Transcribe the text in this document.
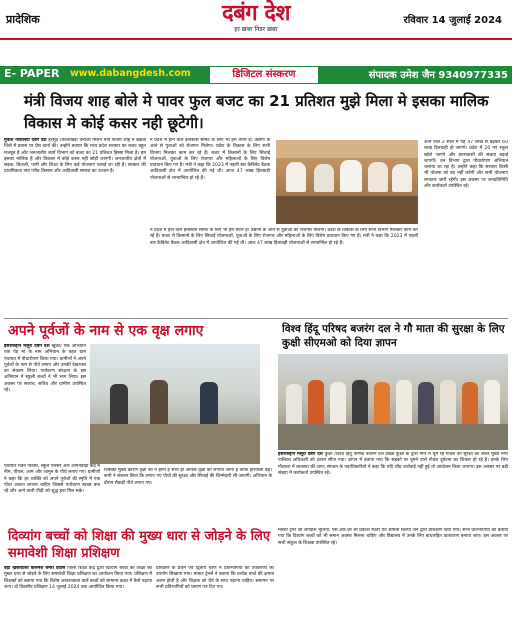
प्रादेशिक	दबंग देश
हर ख़बर निडर ख़बर
रविवार 14 जुलाई 2024
E- PAPER www.dabangdesh.com	डिजिटल संस्करण	संपादक उमेश जैन 9340977335
मंत्री विजय शाह बोले मे पावर फुल बजट का 21 प्रतिशत मुझे मिला मे इसका मालिक विकास मे कोई कसर नही छूटेगी।
मुकेश नावलियाँ दबंग देश हरसूद /कालाखेड़ा वन्यजी मिशन मंत्री विजय शाह ने खंडवा जिले में प्रवास पर प्रेस वार्ता की। उन्होंने बताया कि मध्य प्रदेश सरकार का बजट बहुत मजबूत है और जनजातीय कार्य विभाग को बजट का 21 प्रतिशत हिस्सा मिला है। हम इसका मालिक हैं और विकास में कोई कसर नहीं छोड़ी जाएगी। जनजातीय क्षेत्रों में सड़क, बिजली, पानी और शिक्षा के लिए कई योजनाएं चलाई जा रही हैं। सरकार की प्राथमिकता गांव गरीब किसान और आदिवासी समाज का उत्थान है।
ने प्रदेश में होने वाले इन्वेस्टर्स समिट के लिए भी हम तैयार हैं। उद्योगों के आने से युवाओं को रोजगार मिलेगा। प्रदेश के विकास के लिए सभी विभाग मिलकर काम कर रहे हैं। बजट में किसानों के लिए सिंचाई योजनाओं, युवाओं के लिए रोजगार और महिलाओं के लिए विशेष प्रावधान किए गए हैं। मंत्री ने कहा कि 2023 में पहली बार कैबिनेट बैठक आदिवासी क्षेत्र में आयोजित की गई थी। आज 47 लाख हितग्राही योजनाओं से लाभान्वित हो रहे हैं।
ने प्रदेश में होने वाले इन्वेस्टर्स समिट के लिए भी हम तैयार हैं। उद्योगों के आने से युवाओं को रोजगार मिलेगा। प्रदेश के विकास के लिए सभी विभाग मिलकर काम कर रहे हैं। बजट में किसानों के लिए सिंचाई योजनाओं, युवाओं के लिए रोजगार और महिलाओं के लिए विशेष प्रावधान किए गए हैं। मंत्री ने कहा कि 2023 में पहली बार कैबिनेट बैठक आदिवासी क्षेत्र में आयोजित की गई थी। आज 47 लाख हितग्राही योजनाओं से लाभान्वित हो रहे हैं।
आने वाले 2 साल में यह 47 लाख से बढ़कर 60 लाख हितग्राही हो जाएंगे। प्रदेश में 20 नए स्कूल खोले जाएंगे और छात्रावासों की संख्या बढ़ाई जाएगी। वन विभाग द्वारा पौधारोपण अभियान चलाया जा रहा है। उन्होंने कहा कि सरकार किसी भी योजना को बंद नहीं करेगी और सभी योजनाएं लगातार जारी रहेंगी। इस अवसर पर जनप्रतिनिधि और कार्यकर्ता उपस्थित रहे।
अपने पूर्वजों के नाम से एक वृक्ष लगाए
इसरारुद्दीन मंसूरी दबंग देश खुकी/ एक अभियान एक पेड़ मां के नाम अभियान के तहत ग्राम पंचायत में पौधारोपण किया गया। ग्रामीणों ने अपने पूर्वजों के नाम से पौधे लगाए और उनकी देखभाल का संकल्प लिया। पर्यावरण संरक्षण के इस अभियान में स्कूली बच्चों ने भी भाग लिया। इस अवसर पर सरपंच, सचिव और ग्रामीण उपस्थित रहे।
पंचायत भवन परिसर, स्कूल परिसर और आंगनवाड़ी केंद्र में नीम, पीपल, आम और जामुन के पौधे लगाए गए। ग्रामीणों ने कहा कि हर व्यक्ति को अपने पूर्वजों की स्मृति में एक पौधा अवश्य लगाना चाहिए जिससे पर्यावरण स्वच्छ बना रहे और आने वाली पीढ़ी को शुद्ध हवा मिल सके।
जिसका मुख्य कारण वृक्षों का न होना है साथ ही अधिक वृक्षों को लगाया जाना है ताकि हरियाली बढ़े। सभी ने संकल्प लिया कि लगाए गए पौधों की सुरक्षा और सिंचाई की जिम्मेदारी ली जाएगी। अभियान के दौरान सैकड़ों पौधे लगाए गए।
विश्व हिंदू परिषद बजरंग दल ने गौ माता की सुरक्षा के लिए कुक्षी सीएमओ को दिया ज्ञापन
इसरारुद्दीन मंसूरी दबंग देश कुक्षी /विश्व हिंदू परिषद बजरंग दल प्रखंड कुक्षी के द्वारा नगर में घूम रहे गौवंश की सुरक्षा को लेकर मुख्य नगर पालिका अधिकारी को ज्ञापन सौंपा गया। ज्ञापन में बताया गया कि सड़कों पर घूमने वाले गौवंश दुर्घटना का शिकार हो रहे हैं। इनके लिए गौशाला में व्यवस्था की जाए। संगठन के पदाधिकारियों ने कहा कि यदि शीघ्र कार्रवाई नहीं हुई तो आंदोलन किया जाएगा। इस अवसर पर बड़ी संख्या में कार्यकर्ता उपस्थित रहे।
दिव्यांग बच्चों को शिक्षा की मुख्य धारा से जोड़ने के लिए समावेशी शिक्षा प्रशिक्षण
बड़ी खबरवाला कलमेश बमरा देवास जिला शिक्षा केंद्र द्वारा दिव्यांग बच्चों को शिक्षा की मुख्य धारा से जोड़ने के लिए समावेशी शिक्षा प्रशिक्षण का आयोजन किया गया। प्रशिक्षण में शिक्षकों को बताया गया कि विशेष आवश्यकता वाले बच्चों को सामान्य कक्षा में कैसे पढ़ाया जाए। दो दिवसीय प्रशिक्षण 14 जुलाई 2024 तक आयोजित किया गया।
प्रशिक्षण के प्रथम एवं द्वितीय चरण में प्रतिभागियों को उपकरणों का उपयोग सिखाया गया। मास्टर ट्रेनर्स ने बताया कि प्रत्येक बच्चे की क्षमता अलग होती है और शिक्षक को धैर्य के साथ पढ़ाना चाहिए। समापन पर सभी प्रतिभागियों को प्रमाण पत्र दिए गए।
मास्टर ट्रेनर श्री जगदीश भूतिया, एस.आर.जी श्री प्रकाश राठौर एवं श्रीमती शिल्पा जैन द्वारा प्रशिक्षण दिया गया। सभी प्रतिभागियों को बताया गया कि दिव्यांग बच्चों को भी समान अवसर मिलना चाहिए और विद्यालय में उनके लिए बाधारहित वातावरण बनाया जाए। इस अवसर पर सभी संकुल के शिक्षक उपस्थित रहे।
